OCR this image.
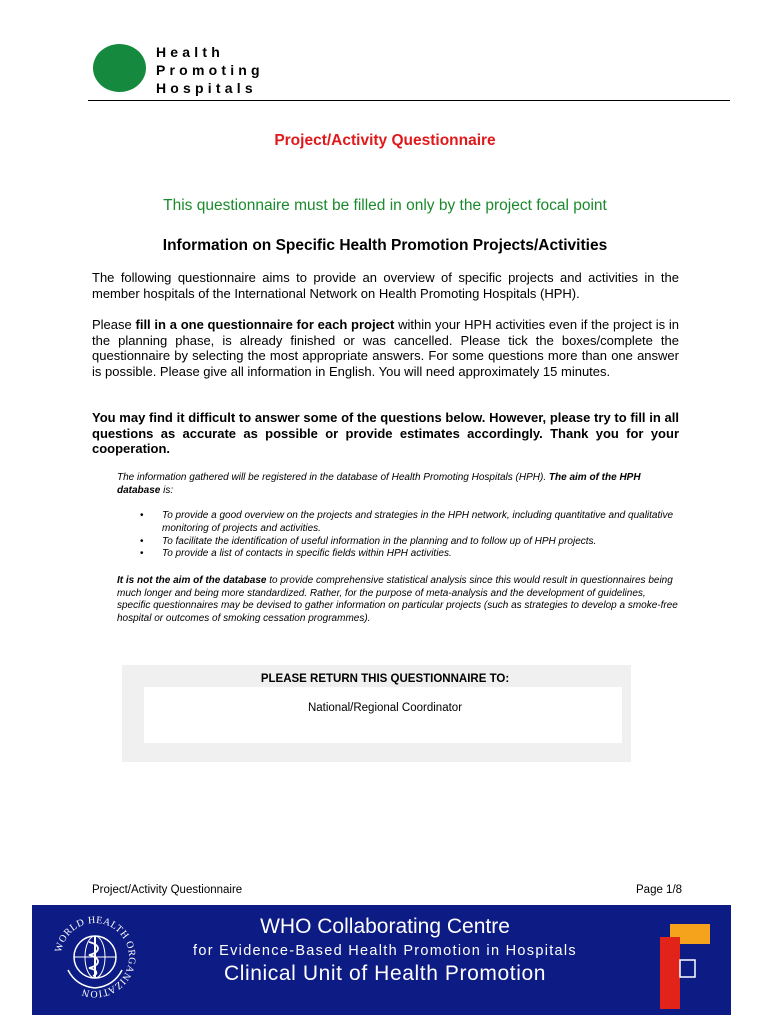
Health
Promoting
Hospitals
Project/Activity Questionnaire
This questionnaire must be filled in only by the project focal point
Information on Specific Health Promotion Projects/Activities
The following questionnaire aims to provide an overview of specific projects and activities in the member hospitals of the International Network on Health Promoting Hospitals (HPH).
Please fill in a one questionnaire for each project within your HPH activities even if the project is in the planning phase, is already finished or was cancelled. Please tick the boxes/complete the questionnaire by selecting the most appropriate answers. For some questions more than one answer is possible. Please give all information in English. You will need approximately 15 minutes.
You may find it difficult to answer some of the questions below. However, please try to fill in all questions as accurate as possible or provide estimates accordingly. Thank you for your cooperation.
The information gathered will be registered in the database of Health Promoting Hospitals (HPH). The aim of the HPH database is:
• To provide a good overview on the projects and strategies in the HPH network, including quantitative and qualitative monitoring of projects and activities.
• To facilitate the identification of useful information in the planning and to follow up of HPH projects.
• To provide a list of contacts in specific fields within HPH activities.
It is not the aim of the database to provide comprehensive statistical analysis since this would result in questionnaires being much longer and being more standardized. Rather, for the purpose of meta-analysis and the development of guidelines, specific questionnaires may be devised to gather information on particular projects (such as strategies to develop a smoke-free hospital or outcomes of smoking cessation programmes).
PLEASE RETURN THIS QUESTIONNAIRE TO:
National/Regional Coordinator
Project/Activity Questionnaire	Page 1/8
WORLD HEALTH ORGANIZATION
WHO Collaborating Centre
for Evidence-Based Health Promotion in Hospitals
Clinical Unit of Health Promotion
